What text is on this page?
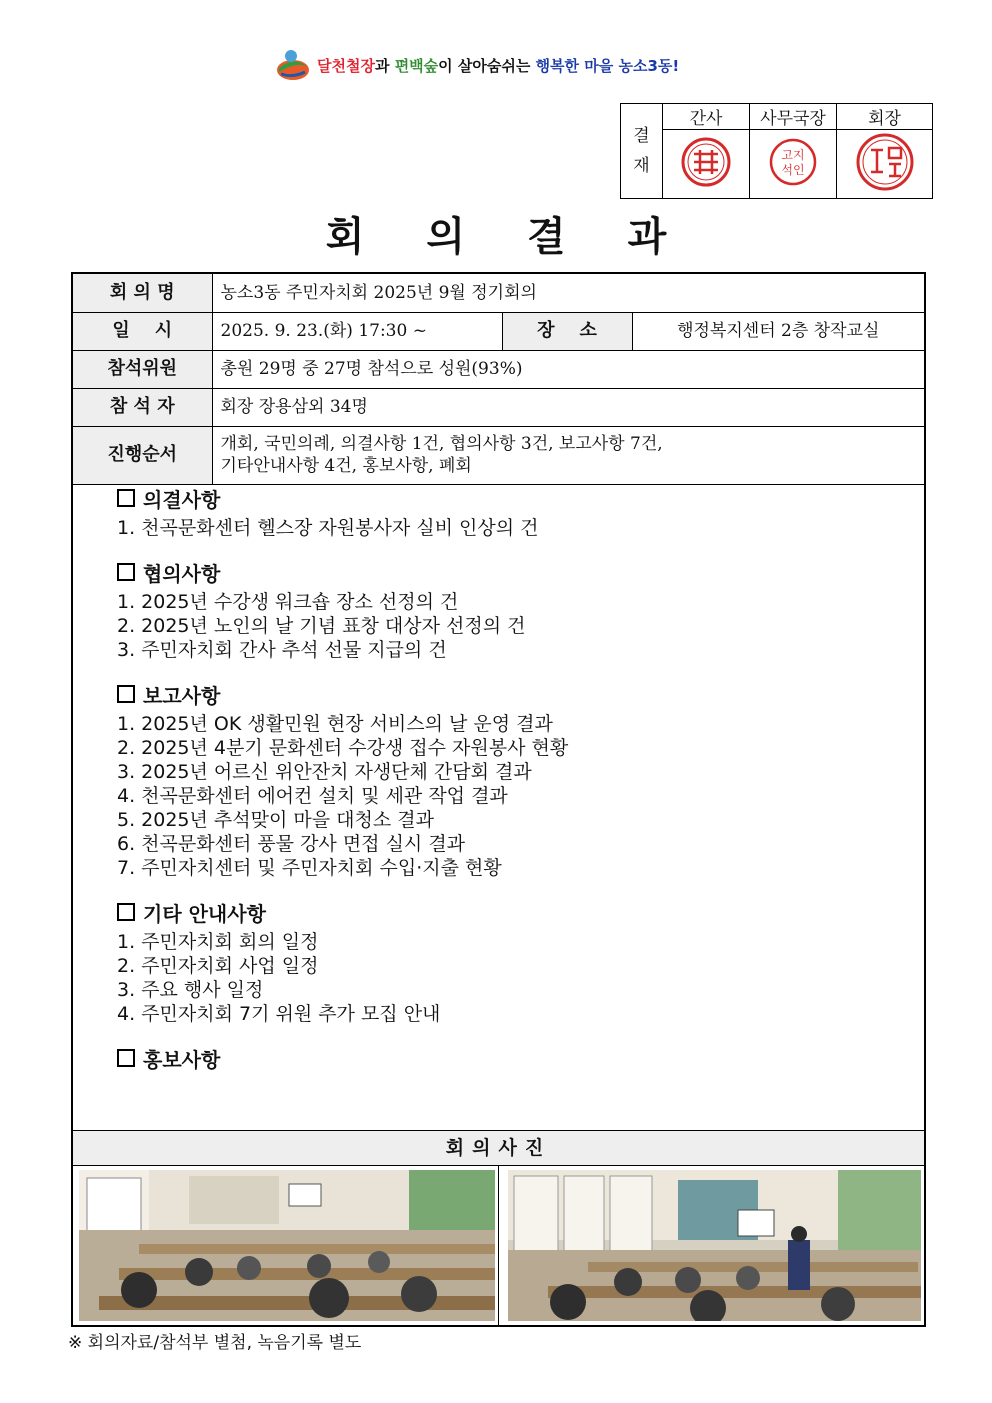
달천철장과 편백숲이 살아숨쉬는 행복한 마을 농소3동!
결
재	간사	사무국장	회장

고지
석인

회의결과
회 의 명	농소3동 주민자치회 2025년 9월 정기회의		
일    시	2025. 9. 23.(화) 17:30 ~	장    소	행정복지센터 2층 창작교실
참석위원	총원 29명 중 27명 참석으로 성원(93%)		
참 석 자	회장 장용삼외 34명		
진행순서	개회, 국민의례, 의결사항 1건, 협의사항 3건, 보고사항 7건,
기타안내사항 4건, 홍보사항, 폐회		
의결사항
1. 천곡문화센터 헬스장 자원봉사자 실비 인상의 건
협의사항
1. 2025년 수강생 워크숍 장소 선정의 건
2. 2025년 노인의 날 기념 표창 대상자 선정의 건
3. 주민자치회 간사 추석 선물 지급의 건
보고사항
1. 2025년 OK 생활민원 현장 서비스의 날 운영 결과
2. 2025년 4분기 문화센터 수강생 접수 자원봉사 현황
3. 2025년 어르신 위안잔치 자생단체 간담회 결과
4. 천곡문화센터 에어컨 설치 및 세관 작업 결과
5. 2025년 추석맞이 마을 대청소 결과
6. 천곡문화센터 풍물 강사 면접 실시 결과
7. 주민자치센터 및 주민자치회 수입·지출 현황
기타 안내사항
1. 주민자치회 회의 일정
2. 주민자치회 사업 일정
3. 주요 행사 일정
4. 주민자치회 7기 위원 추가 모집 안내
홍보사항
회의사진
※ 회의자료/참석부 별첨, 녹음기록 별도
